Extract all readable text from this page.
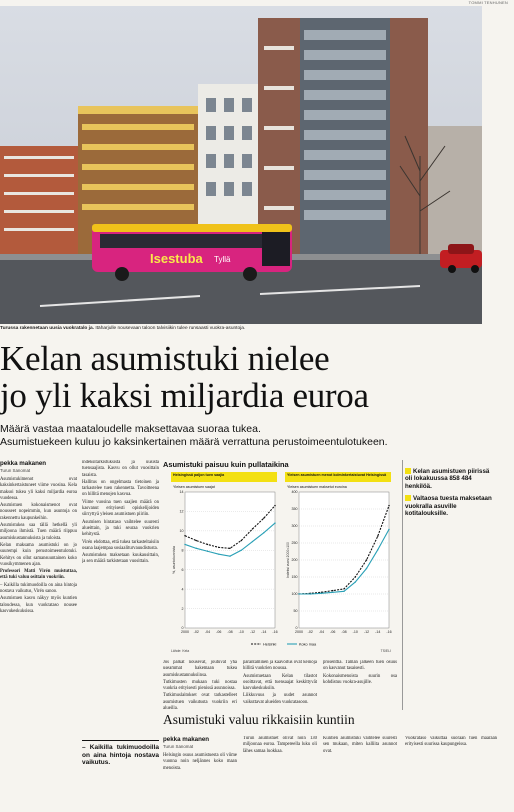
TOMMI TENHUNEN
Isestuba Tyllä
Turussa rakennetaan uusia vuokratalo ja. Itäharjulle nousevaan taloon talvisiikin tulee runsaasti vuokra-asuntoja.
Kelan asumistuki nielee
jo yli kaksi miljardia euroa
Määrä vastaa maataloudelle maksettavaa suoraa tukea.
Asumistuekeen kuluu jo kaksinkertainen määrä verrattuna perustoimeentulotukeen.
pekka makanen
Turun Sanomat

Asumistukimenot ovat kaksinkertaistuneet viime vuosina. Kela maksoi tukea yli kaksi miljardia euroa vuodessa.

Asumistuen kokonaismenot ovat nousseet nopeimmin, kun asuntoja on rakennettu kaupunkeihin.

Asumistukea saa tällä hetkellä yli miljoona ihmistä. Tuen määrä riippuu asumiskustannuksista ja tuloista.

Kelan maksama asumistuki on jo suurempi kuin perustoimeentulotuki. Kehitys on ollut samansuuntainen koko vuosikymmenen ajan.

Professori Matti Virén muistuttaa, että tuki valuu osittain vuokriin.

– Kaikilla tukimuodoilla on aina hintoja nostava vaikutus, Virén sanoo.

Asumistuen kasvu näkyy myös kuntien taloudessa, kun vuokrataso nousee kasvukeskuksissa.

indeksitarkistuksista ja uusista tuensaajista. Kasvu on ollut vuosittain tasaista.

Hallitus on ongelmasta tietoinen ja tarkastelee tuen rakennetta. Tavoitteena on hillitä menojen kasvua.

Viime vuosina tuen saajien määrä on kasvanut erityisesti opiskelijoiden siirryttyä yleisen asumistuen piiriin.

Asumisen hintataso vaihtelee suuresti alueittain, ja tuki seuraa vuokrien kehitystä.

Virén ehdottaa, että tukea tarkasteltaisiin osana laajempaa sosiaaliturvauudistusta.

Asumistukea maksetaan kuukausittain, ja sen määrä tarkistetaan vuosittain.

Asumistuki paisuu kuin pullataikina
Helsingissä paljon tuen saajia
Yleisen asumistuen saajat
0
2
4
6
8
10
12
14
2000 -02 -04 -06 -08 -10 -12 -14 -16
%, asuntokunnista
Yleisen asumistuen menot kolminkertaistuvat Helsingissä
Yleisen asumistuen maksetut euroina
0
50
100
150
200
250
300
350
400
2000 -02 -04 -06 -08 -10 -12 -14 -16
Indeksi vuosi 2000=100
Helsinki	Koko maa
Lähde: Kela	TS/ELI

Kelan asumistuen piirissä oli lokakuussa 858 484 henkilöä.

Valtaosa tuesta maksetaan vuokralla asuville kotitalouksille.

Jos palkat nousevat, joutuvat yhä useammat hakemaan tukea asumiskustannuksiinsa.

Tutkimusten mukaan tuki nostaa vuokria erityisesti pienissä asunnoissa.

Tutkimuslaitokset ovat tarkastelleet asumistuen vaikutusta vuokriin eri alueilla.

parantaminen ja kaavoitus ovat keinoja hillitä vuokrien nousua.

Asumistuetaan Kelan tilastot osoittavat, että tuensaajat keskittyvät kasvukeskuksiin.

Liikkuvuus ja uudet asunnot vaikuttavat alueiden vuokratasoon.

prosenttia. Tämän jälkeen tuen osuus on kasvanut tasaisesti.

Kokonaismenoista suurin osa kohdistuu vuokra-asujille.

Asumistuki valuu rikkaisiin kuntiin
– Kaikilla tukimuodoilla on aina hintoja nostava vaikutus.
pekka makanen
Turun Sanomat

Helsingin osuus asumistuesta oli viime vuonna noin neljännes koko maan menoista.

Turun asumistuet olivat noin 130 miljoonaa euroa. Tampereella luku oli lähes samaa luokkaa.

Kuntien asumistuki vaihtelee suuresti sen mukaan, miten kalliita asunnot ovat.

Vuokrataso vaikuttaa suoraan tuen määrään erityisesti suurissa kaupungeissa.
